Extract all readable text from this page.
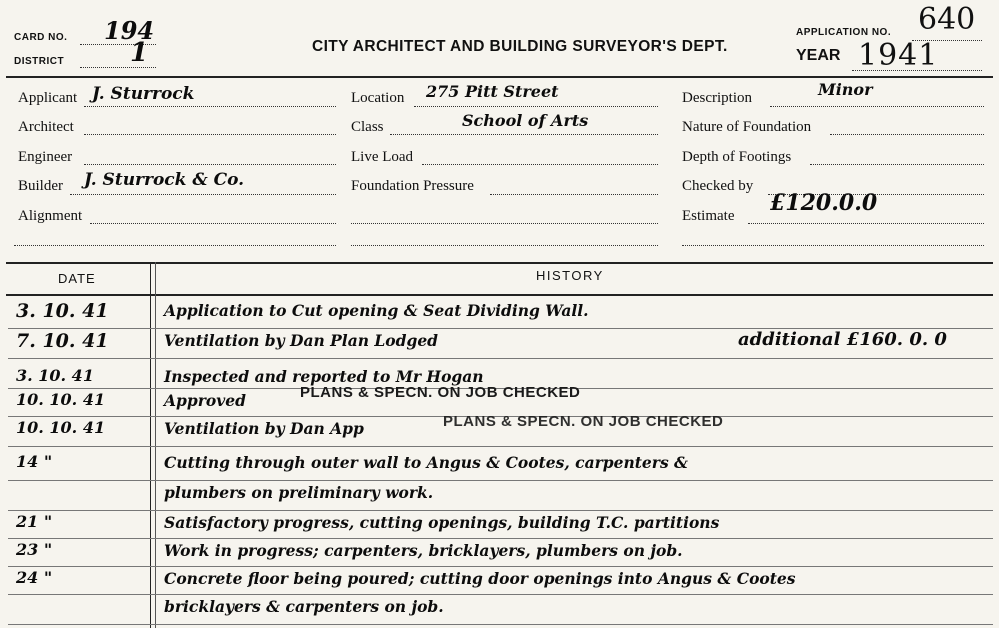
CARD NO. 194
DISTRICT	1	CITY ARCHITECT AND BUILDING SURVEYOR'S DEPT.
APPLICATION NO. 640
YEAR 1941
Applicant J. Sturrock
Architect
Engineer
Builder J. Sturrock & Co.
Alignment
Location 275 Pitt Street
Class	School of Arts
Live Load
Foundation Pressure
Description	Minor
Nature of Foundation
Depth of Footings
Checked by
Estimate £120.0.0
DATE	HISTORY
3. 10. 41	Application to Cut opening & Seat Dividing Wall.
7. 10. 41	Ventilation by Dan Plan Lodged	additional £160. 0. 0
3. 10. 41	Inspected and reported to Mr Hogan
10. 10. 41	Approved
10. 10. 41	Ventilation by Dan App
14 "	Cutting through outer wall to Angus & Cootes, carpenters &
plumbers on preliminary work.
21 "	Satisfactory progress, cutting openings, building T.C. partitions
23 "	Work in progress; carpenters, bricklayers, plumbers on job.
24 "	Concrete floor being poured; cutting door openings into Angus & Cootes
bricklayers & carpenters on job.
PLANS & SPECN. ON JOB CHECKED
PLANS & SPECN. ON JOB CHECKED
